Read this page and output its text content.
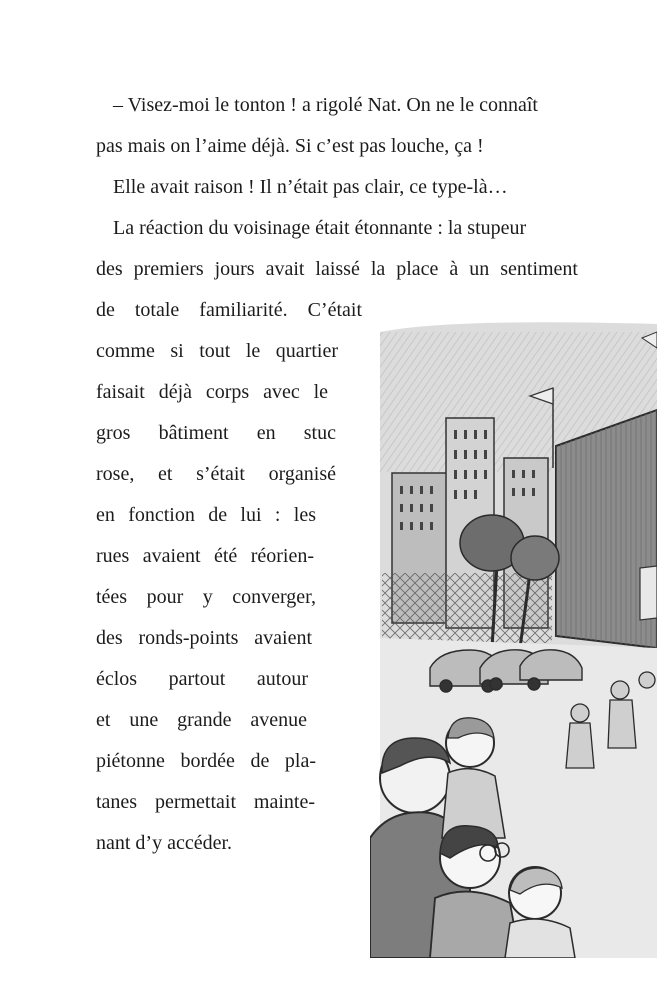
– Visez-moi le tonton ! a rigolé Nat. On ne le connaît
pas mais on l’aime déjà. Si c’est pas louche, ça !
Elle avait raison ! Il n’était pas clair, ce type-là…
La réaction du voisinage était étonnante : la stupeur
des premiers jours avait laissé la place à un sentiment
de totale familiarité. C’était
comme si tout le quartier
faisait déjà corps avec le
gros bâtiment en stuc
rose, et s’était organisé
en fonction de lui : les
rues avaient été réorien-
tées pour y converger,
des ronds-points avaient
éclos partout autour
et une grande avenue
piétonne bordée de pla-
tanes permettait mainte-
nant d’y accéder.
